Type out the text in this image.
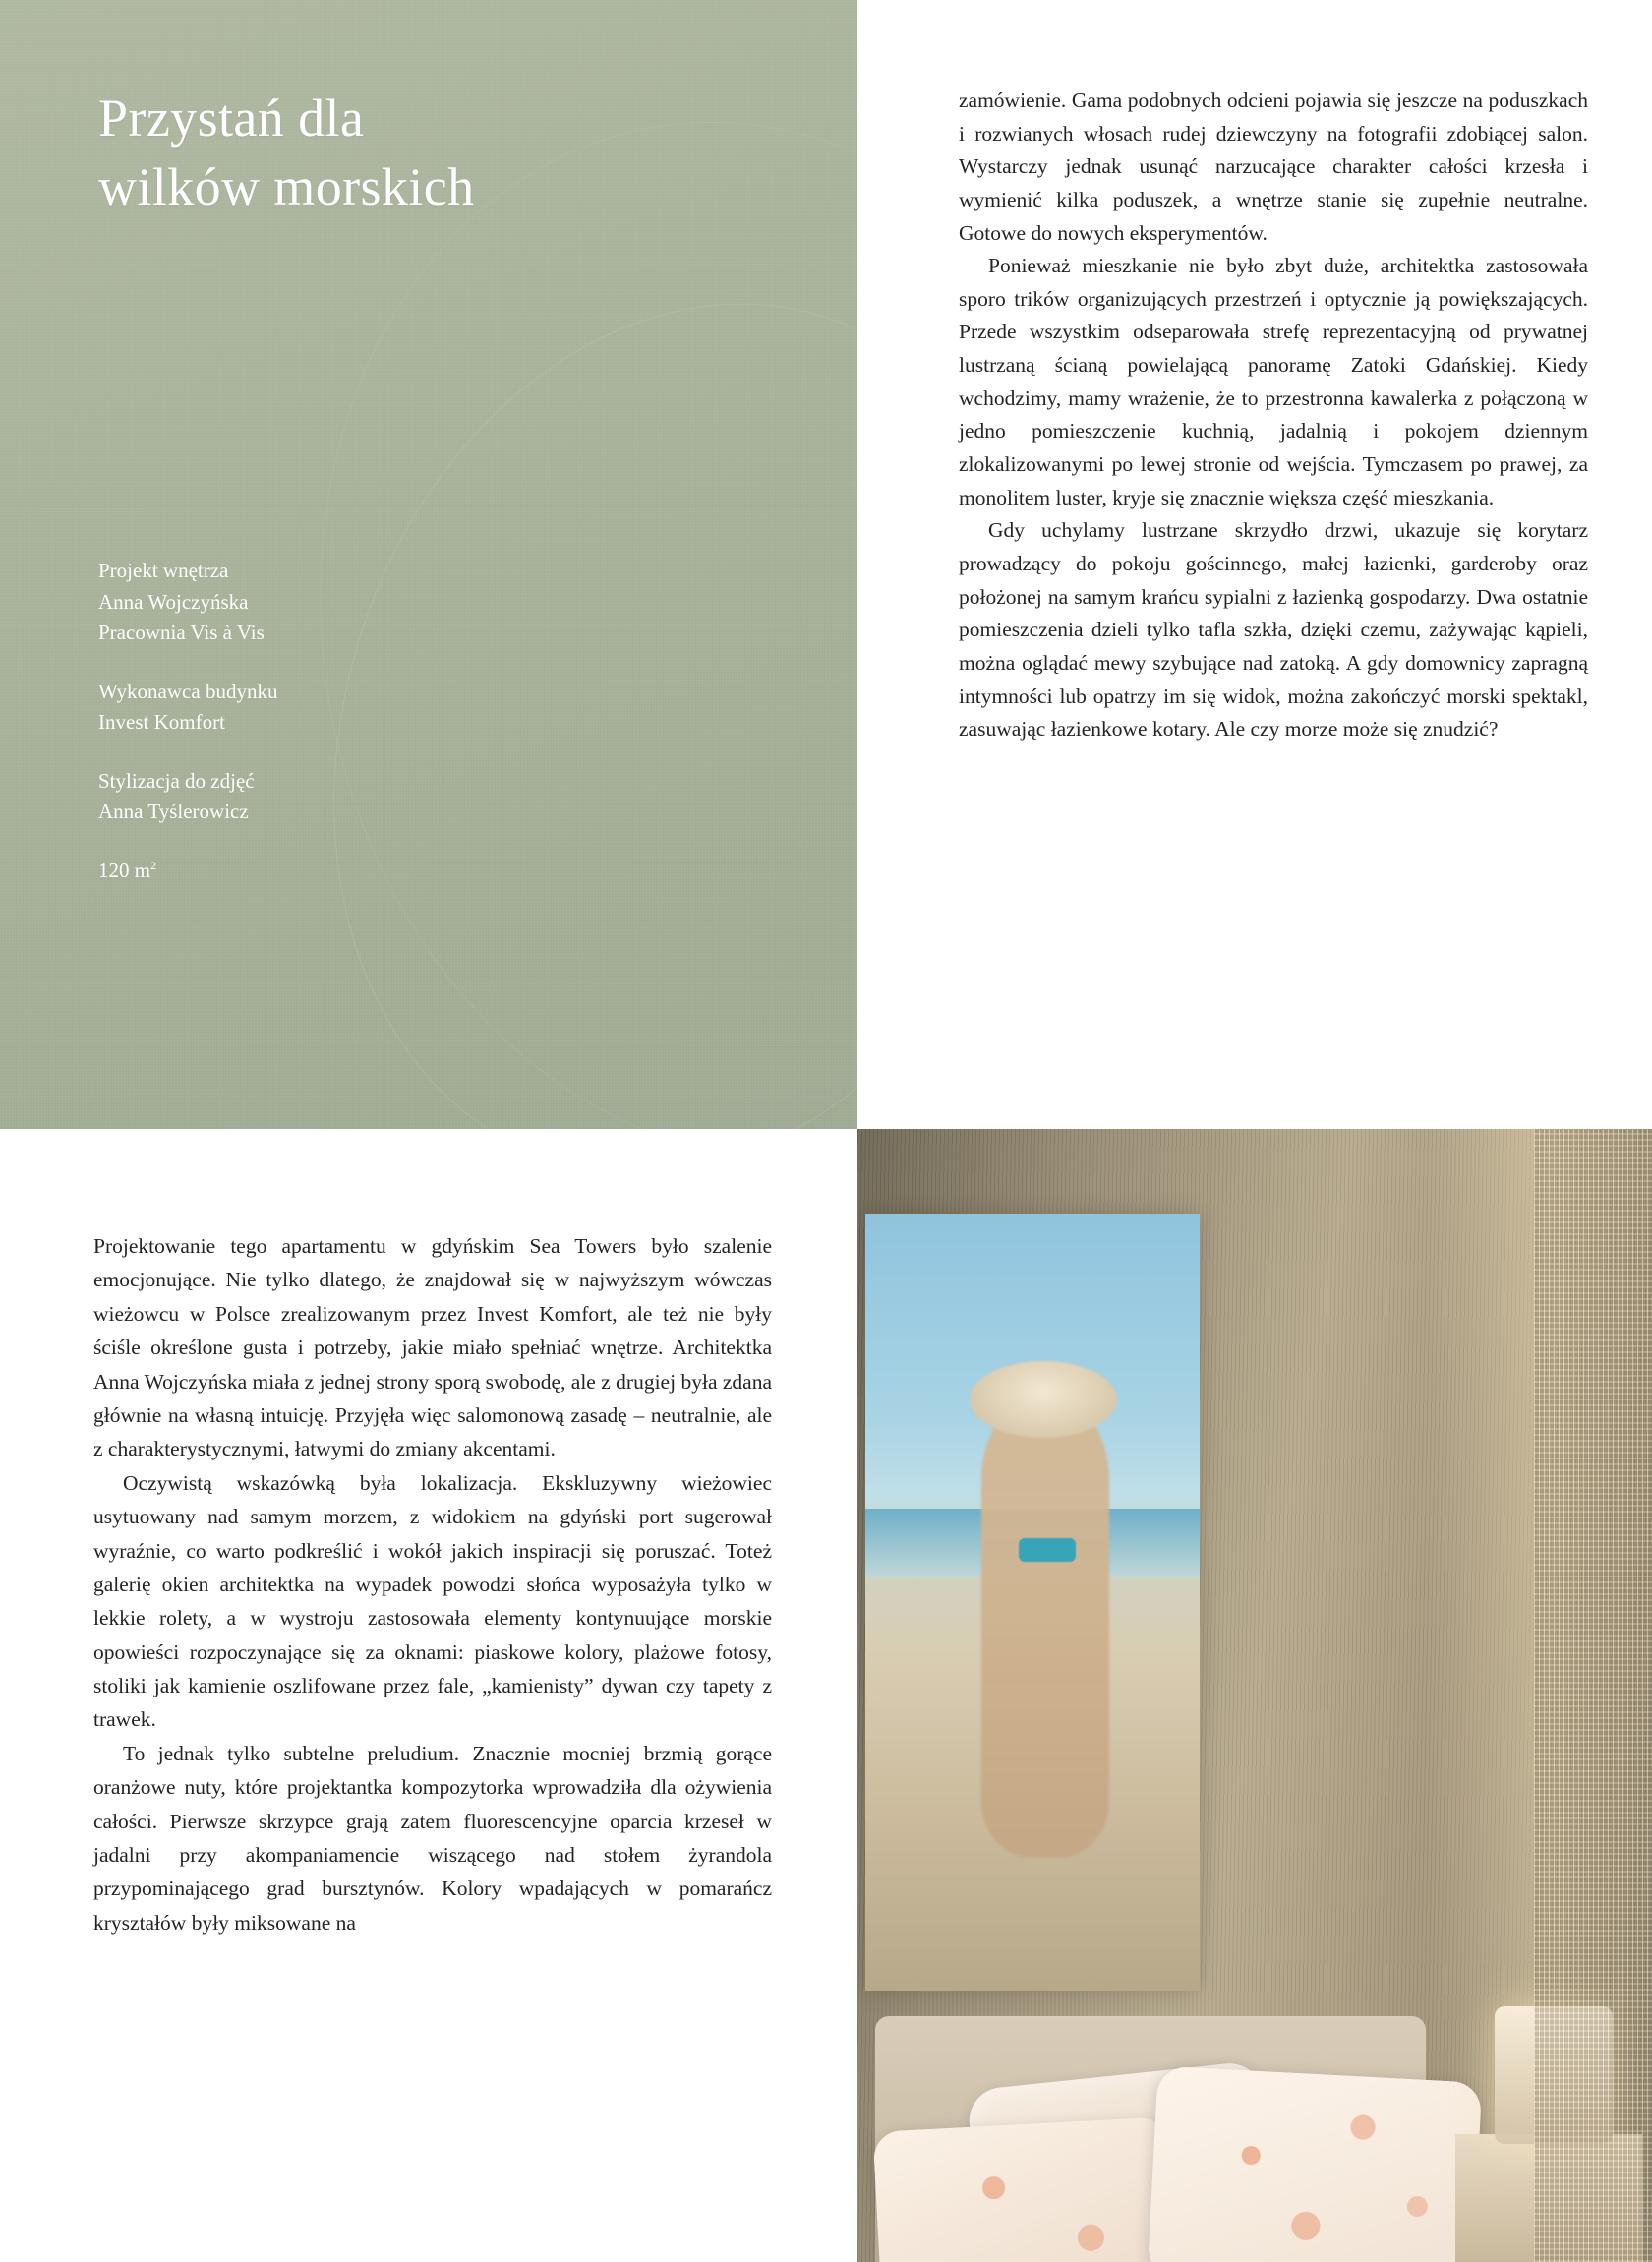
Przystań dla
wilków morskich
Projekt wnętrza
Anna Wojczyńska
Pracownia Vis à Vis
Wykonawca budynku
Invest Komfort
Stylizacja do zdjęć
Anna Tyślerowicz
120 $m^2$

zamówienie. Gama podobnych odcieni pojawia się jeszcze na poduszkach i rozwianych włosach rudej dziewczyny na fotografii zdobiącej salon. Wystarczy jednak usunąć narzucające charakter całości krzesła i wymienić kilka poduszek, a wnętrze stanie się zupełnie neutralne. Gotowe do nowych eksperymentów.

Ponieważ mieszkanie nie było zbyt duże, architektka zastosowała sporo trików organizujących przestrzeń i optycznie ją powiększających. Przede wszystkim odseparowała strefę reprezentacyjną od prywatnej lustrzaną ścianą powielającą panoramę Zatoki Gdańskiej. Kiedy wchodzimy, mamy wrażenie, że to przestronna kawalerka z połączoną w jedno pomieszczenie kuchnią, jadalnią i pokojem dziennym zlokalizowanymi po lewej stronie od wejścia. Tymczasem po prawej, za monolitem luster, kryje się znacznie większa część mieszkania.

Gdy uchylamy lustrzane skrzydło drzwi, ukazuje się korytarz prowadzący do pokoju gościnnego, małej łazienki, garderoby oraz położonej na samym krańcu sypialni z łazienką gospodarzy. Dwa ostatnie pomieszczenia dzieli tylko tafla szkła, dzięki czemu, zażywając kąpieli, można oglądać mewy szybujące nad zatoką. A gdy domownicy zapragną intymności lub opatrzy im się widok, można zakończyć morski spektakl, zasuwając łazienkowe kotary. Ale czy morze może się znudzić?

Projektowanie tego apartamentu w gdyńskim Sea Towers było szalenie emocjonujące. Nie tylko dlatego, że znajdował się w najwyższym wówczas wieżowcu w Polsce zrealizowanym przez Invest Komfort, ale też nie były ściśle określone gusta i potrzeby, jakie miało spełniać wnętrze. Architektka Anna Wojczyńska miała z jednej strony sporą swobodę, ale z drugiej była zdana głównie na własną intuicję. Przyjęła więc salomonową zasadę – neutralnie, ale z charakterystycznymi, łatwymi do zmiany akcentami.

Oczywistą wskazówką była lokalizacja. Ekskluzywny wieżowiec usytuowany nad samym morzem, z widokiem na gdyński port sugerował wyraźnie, co warto podkreślić i wokół jakich inspiracji się poruszać. Toteż galerię okien architektka na wypadek powodzi słońca wyposażyła tylko w lekkie rolety, a w wystroju zastosowała elementy kontynuujące morskie opowieści rozpoczynające się za oknami: piaskowe kolory, plażowe fotosy, stoliki jak kamienie oszlifowane przez fale, „kamienisty” dywan czy tapety z trawek.

To jednak tylko subtelne preludium. Znacznie mocniej brzmią gorące oranżowe nuty, które projektantka kompozytorka wprowadziła dla ożywienia całości. Pierwsze skrzypce grają zatem fluorescencyjne oparcia krzeseł w jadalni przy akompaniamencie wiszącego nad stołem żyrandola przypominającego grad bursztynów. Kolory wpadających w pomarańcz kryształów były miksowane na
